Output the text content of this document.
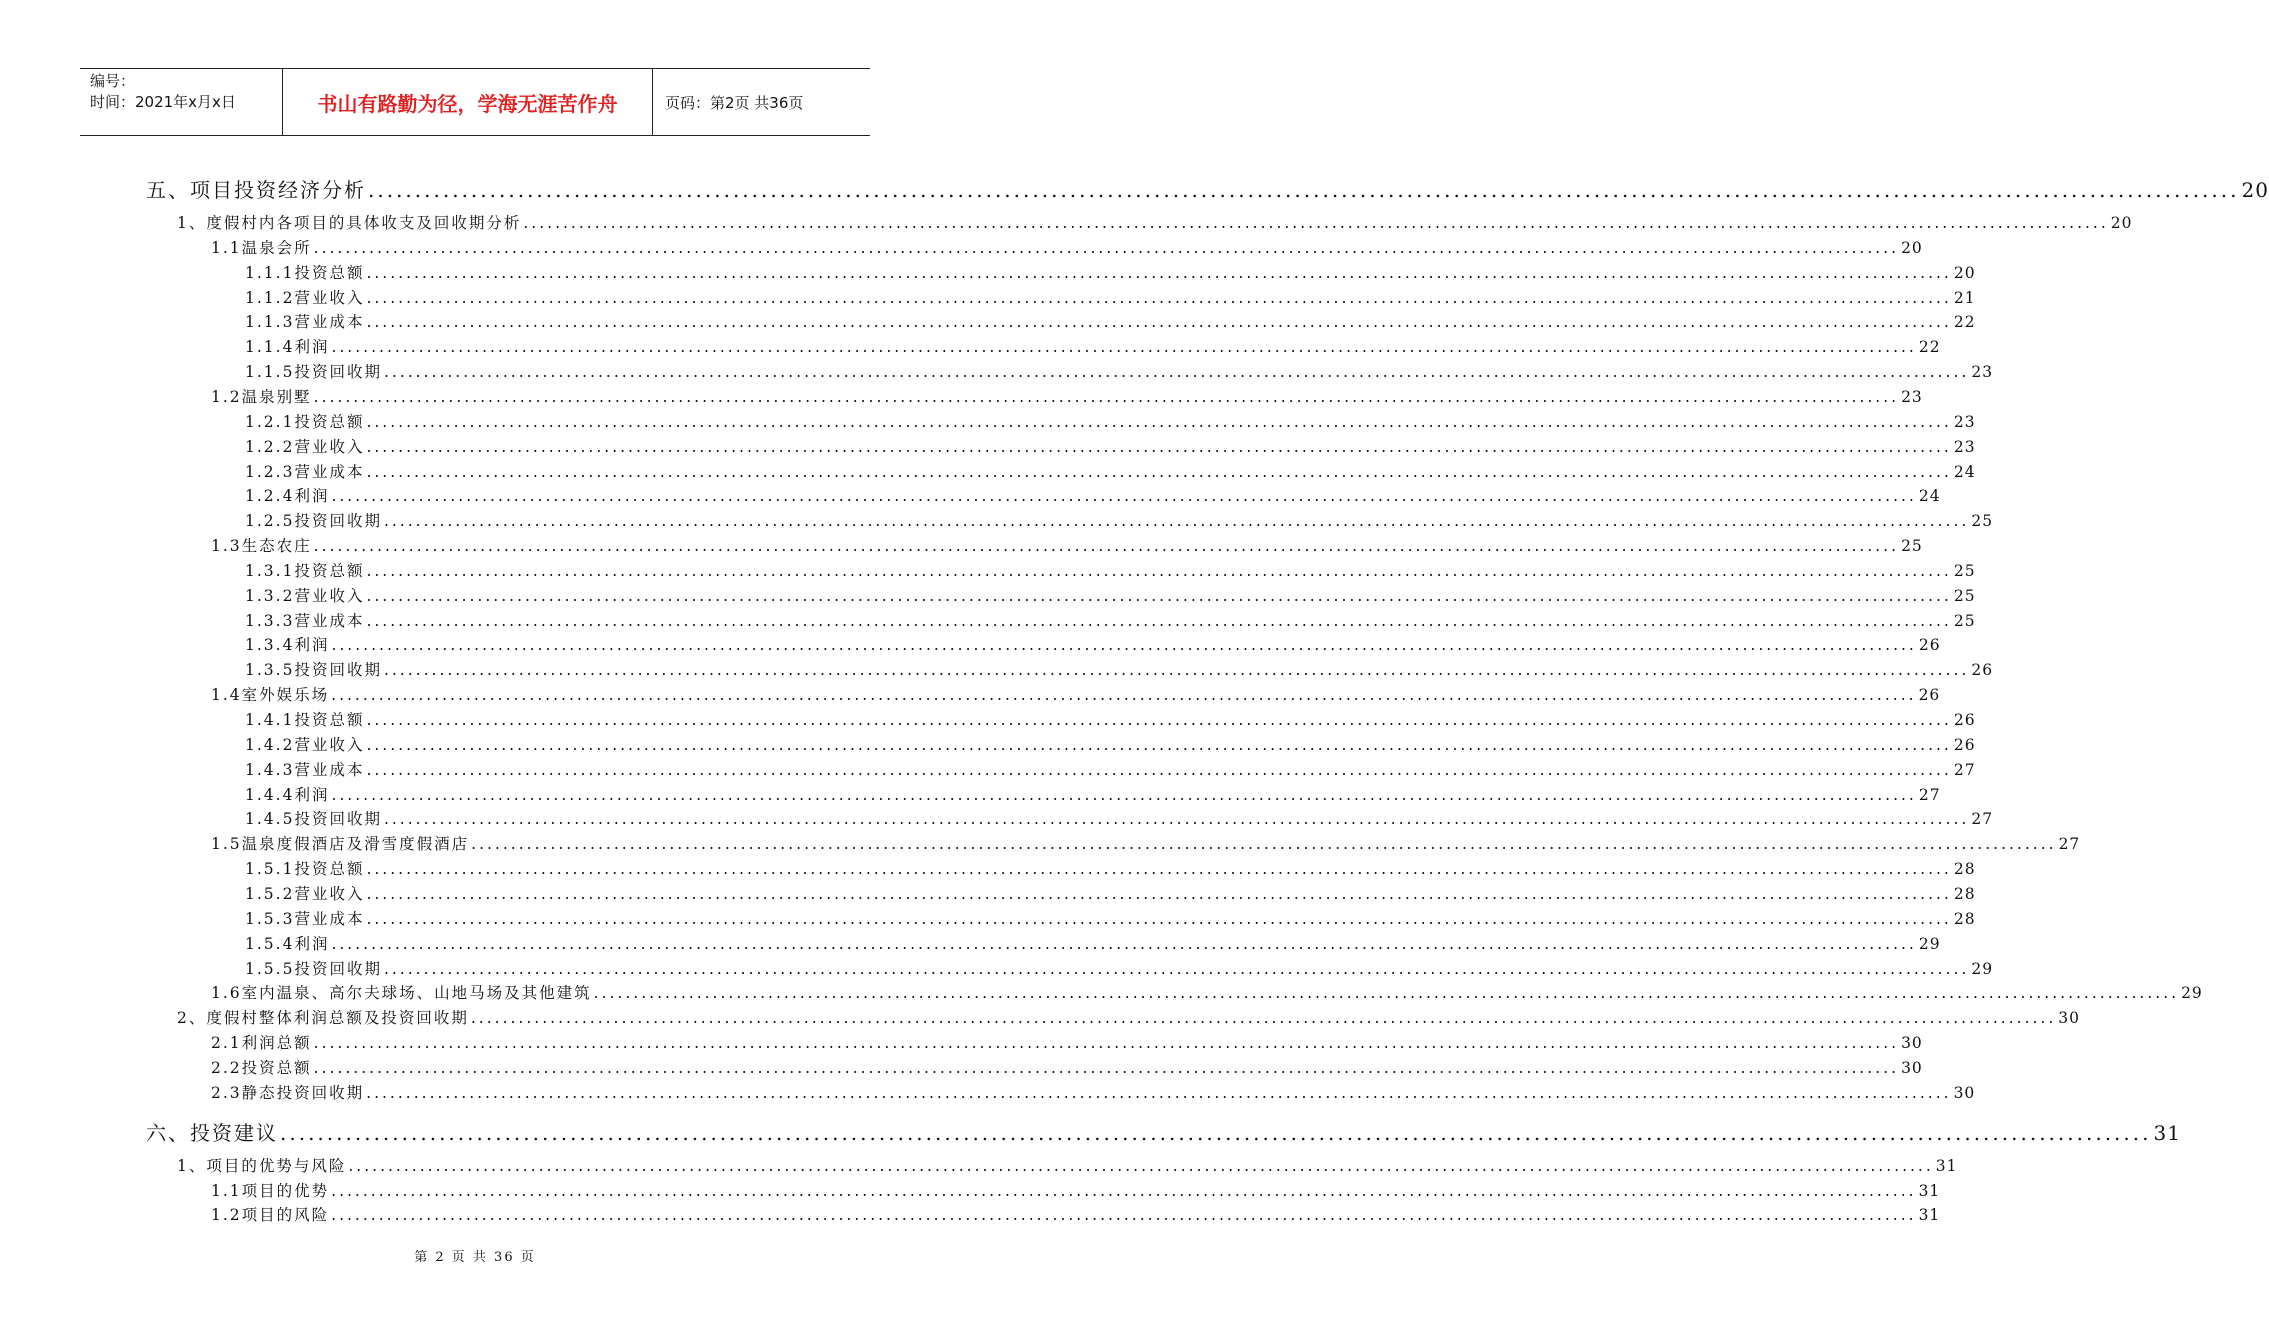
编号：
时间：2021年x月x日	书山有路勤为径，学海无涯苦作舟	页码：第2页 共36页
五、项目投资经济分析 ........................................................................................................................................................................................................ 20
1、度假村内各项目的具体收支及回收期分析 ........................................................................................................................................................................................................ 20
1.1温泉会所 ........................................................................................................................................................................................................ 20
1.1.1投资总额 ........................................................................................................................................................................................................ 20
1.1.2营业收入 ........................................................................................................................................................................................................ 21
1.1.3营业成本 ........................................................................................................................................................................................................ 22
1.1.4利润 ........................................................................................................................................................................................................ 22
1.1.5投资回收期 ........................................................................................................................................................................................................ 23
1.2温泉别墅 ........................................................................................................................................................................................................ 23
1.2.1投资总额 ........................................................................................................................................................................................................ 23
1.2.2营业收入 ........................................................................................................................................................................................................ 23
1.2.3营业成本 ........................................................................................................................................................................................................ 24
1.2.4利润 ........................................................................................................................................................................................................ 24
1.2.5投资回收期 ........................................................................................................................................................................................................ 25
1.3生态农庄 ........................................................................................................................................................................................................ 25
1.3.1投资总额 ........................................................................................................................................................................................................ 25
1.3.2营业收入 ........................................................................................................................................................................................................ 25
1.3.3营业成本 ........................................................................................................................................................................................................ 25
1.3.4利润 ........................................................................................................................................................................................................ 26
1.3.5投资回收期 ........................................................................................................................................................................................................ 26
1.4室外娱乐场 ........................................................................................................................................................................................................ 26
1.4.1投资总额 ........................................................................................................................................................................................................ 26
1.4.2营业收入 ........................................................................................................................................................................................................ 26
1.4.3营业成本 ........................................................................................................................................................................................................ 27
1.4.4利润 ........................................................................................................................................................................................................ 27
1.4.5投资回收期 ........................................................................................................................................................................................................ 27
1.5温泉度假酒店及滑雪度假酒店 ........................................................................................................................................................................................................ 27
1.5.1投资总额 ........................................................................................................................................................................................................ 28
1.5.2营业收入 ........................................................................................................................................................................................................ 28
1.5.3营业成本 ........................................................................................................................................................................................................ 28
1.5.4利润 ........................................................................................................................................................................................................ 29
1.5.5投资回收期 ........................................................................................................................................................................................................ 29
1.6室内温泉、高尔夫球场、山地马场及其他建筑 ........................................................................................................................................................................................................ 29
2、度假村整体利润总额及投资回收期 ........................................................................................................................................................................................................ 30
2.1利润总额 ........................................................................................................................................................................................................ 30
2.2投资总额 ........................................................................................................................................................................................................ 30
2.3静态投资回收期 ........................................................................................................................................................................................................ 30
六、投资建议 ........................................................................................................................................................................................................ 31
1、项目的优势与风险 ........................................................................................................................................................................................................ 31
1.1项目的优势 ........................................................................................................................................................................................................ 31
1.2项目的风险 ........................................................................................................................................................................................................ 31
第 2 页 共 36 页
